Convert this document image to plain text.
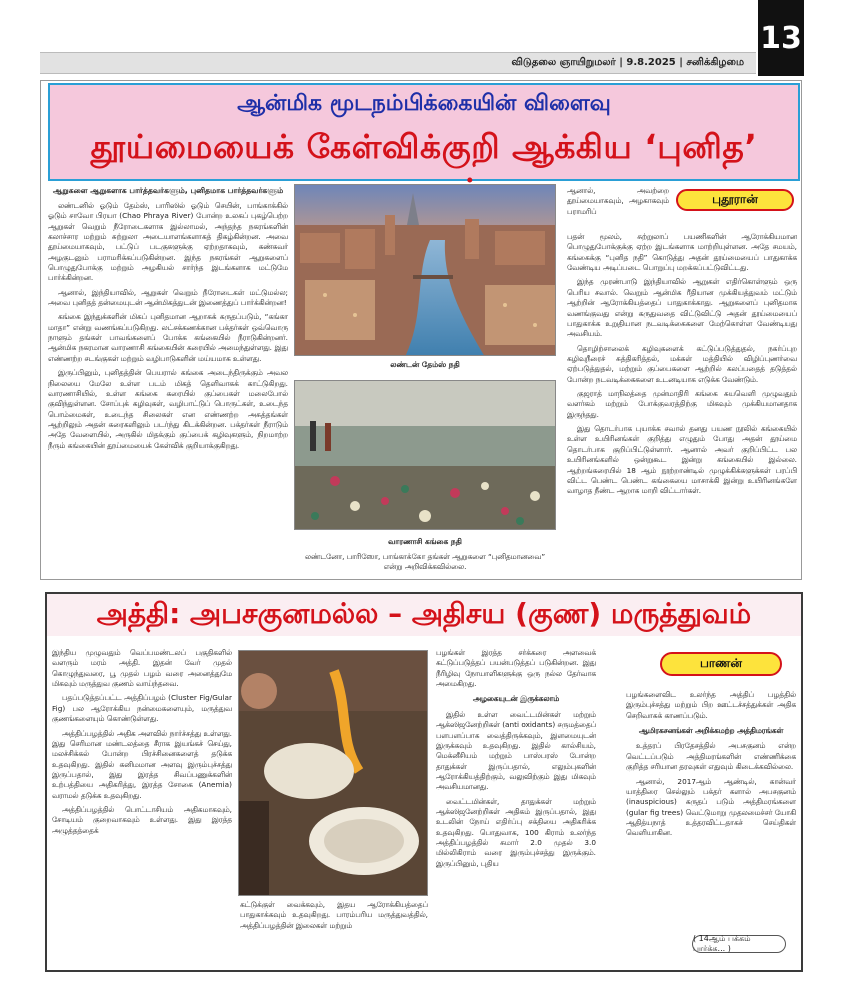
13
விடுதலை ஞாயிறுமலர் | 9.8.2025 | சனிக்கிழமை
ஆன்மிக மூடநம்பிக்கையின் விளைவு
தூய்மையைக் கேள்விக்குறி ஆக்கிய ‘புனித’

ஆறுகளை ஆறுகளாக பார்த்தவர்களும், புனிதமாக பார்த்தவர்களும்

லண்டனில் ஓடும் தேம்ஸ், பாரிஸில் ஓடும் செயின், பாங்காக்கில் ஓடும் சாவோ பிரயா (Chao Phraya River) போன்ற உலகப் புகழ்பெற்ற ஆறுகள் வெறும் நீரோடைகளாக இல்லாமல், அந்தந்த நகரங்களின் கலாச்சார மற்றும் சுற்றுலா அடையாளங்களாகத் திகழ்கின்றன. அவை தூய்மையாகவும், பட்டுப் படகுகளுக்கு ஏற்றதாகவும், கண்கவர் அழகுடனும் பராமரிக்கப்படுகின்றன. இந்த நகரங்கள் ஆறுகளைப் பொழுதுபோக்கு மற்றும் அழகியல் சார்ந்த இடங்களாக மட்டுமே பார்க்கின்றன.

ஆனால், இந்தியாவில், ஆறுகள் வெறும் நீரோடைகள் மட்டுமல்ல; அவை புனிதத் தன்மையுடன் ஆன்மிகத்துடன் இணைத்துப் பார்க்கின்றன!

கங்கை இந்துக்களின் மிகப் புனிதமான ஆறாகக் கருதப்படும், “கங்கா மாதா” என்று வணங்கப்படுகிறது. லட்சக்கணக்கான பக்தர்கள் ஒவ்வொரு நாளும் தங்கள் பாவங்களைப் போக்க கங்கையில் நீராடுகின்றனர். ஆன்மிக நகரமான வாரணாசி கங்கையின் கரையில் அமைந்துள்ளது. இது எண்ணற்ற சடங்குகள் மற்றும் வழிபாடுகளின் மய்யமாக உள்ளது.

இருப்பினும், புனிதத்தின் பெயரால் கங்கை அடைந்திருக்கும் அவல நிலையை மேலே உள்ள படம் மிகத் தெளிவாகக் காட்டுகிறது. வாரணாசியில், உள்ள கங்கை கரையில் குப்பைகள் மலைபோல் குவிந்துள்ளன. சோப்புக் கழிவுகள், வழிபாட்டுப் பொருட்கள், உடைந்த பொம்மைகள், உடைந்த சிலைகள் என எண்ணற்ற அசுத்தங்கள் ஆற்றிலும் அதன் கரைகளிலும் படர்ந்து கிடக்கின்றன. பக்தர்கள் நீராடும் அதே வேளையில், அருகில் மிதக்கும் குப்பைக் கழிவுகளும், நிறமாற்ற நீரும் கங்கையின் தூய்மையைக் கேள்விக் குறியாக்குகிறது.

லண்டன் தேம்ஸ் நதி
வாரணாசி கங்கை நதி

லண்டனோ, பாரிஸோ, பாங்காக்கோ தங்கள் ஆறுகளை “புனிதமானவை” என்று அறிவிக்கவில்லை.

புதூரான்

ஆனால், அவற்றை தூய்மையாகவும், அழகாகவும் பராமரிப்

பதன் மூலம், சுற்றுலாப் பயணிகளின் ஆரோக்கியமான பொழுதுபோக்குக்கு ஏற்ற இடங்களாக மாற்றியுள்ளன. அதே சமயம், கங்கைக்கு “புனித நதி” கொடுத்து அதன் தூய்மையைப் பாதுகாக்க வேண்டிய அடிப்படை பொறுப்பு மறக்கப்பட்டுவிட்டது.

இந்த முரண்பாடு இந்தியாவில் ஆறுகள் எதிர்கொள்ளும் ஒரு பெரிய சவால். வெறும் ஆன்மிக ரீதியான முக்கியத்துவம் மட்டும் ஆற்றின் ஆரோக்கியத்தைப் பாதுகாக்காது. ஆறுகளைப் புனிதமாக வணங்குவது என்று கருதுவதை விட்டுவிட்டு அதன் தூய்மையைப் பாதுகாக்க உறுதியான நடவடிக்கைகளை மேற்கொள்ள வேண்டியது அவசியம்.

தொழிற்சாலைக் கழிவுகளைக் கட்டுப்படுத்துதல், நகர்ப்புற கழிவுநீரைச் சுத்திகரித்தல், மக்கள் மத்தியில் விழிப்புணர்வை ஏற்படுத்துதல், மற்றும் குப்பைகளை ஆற்றில் கலப்பதைத் தடுத்தல் போன்ற நடவடிக்கைகளை உடனடியாக எடுக்க வேண்டும்.

குஜராத் மாநிலத்தை முன்மாதிரி கங்கை சுயவெளி முழுவதும் வளர்கம் மற்றும் போக்குவரத்திற்கு மிகவும் முக்கியமானதாக இருந்தது.

இது தொடர்பாக புயாக்க சவால் தனது பயண நூலில் கங்கையில் உள்ள உயிரினங்கள் குறித்து எழுதும் போது அதன் தூய்மை தொடர்பாக குறிப்பிட்டுள்ளார். ஆனால் அவர் குறிப்பிட்ட பல உயிரினங்களில் ஒன்றுகூட இன்று கங்கையில் இல்லை. ஆற்றங்கரையில் 18 ஆம் நூற்றாண்டில் முழுக்கிக்களுக்கள் பரப்பி விட்ட பெண்ட பெண்ட கங்கையை மாசாக்கி இன்று உயிரினங்களே வாழாத நீண்ட ஆறாக மாறி விட்டார்கள்.

அத்தி: அபசகுனமல்ல – அதிசய (குண) மருத்துவம்

இந்திய முழுவதும் வெப்பமண்டலப் பகுதிகளில் வளரும் மரம் அத்தி. இதன் வேர் முதல் கொழுந்துவரை, பூ முதல் பழம் வரை அனைத்துமே மிகவும் மருத்துவ குணம் வாய்ந்தவை.

பதப்படுத்தப்பட்ட அத்திப்பழம் (Cluster Fig/Gular Fig) பல ஆரோக்கிய நன்மைகளையும், மருத்துவ குணங்களையும் கொண்டுள்ளது.

அத்திப்பழத்தில் அதிக அளவில் நார்ச்சத்து உள்ளது. இது செரிமான மண்டலத்தை சீராக இயங்கச் செய்து, மலச்சிக்கல் போன்ற பிரச்சினைகளைத் தடுக்க உதவுகிறது. இதில் கனிமமான அளவு இரும்புச்சத்து இருப்பதால், இது இரத்த சிவப்பணுக்களின் உற்பத்தியை அதிகரித்து, இரத்த சோகை (Anemia) வராமல் தடுக்க உதவுகிறது.

அத்திப்பழத்தில் பொட்டாசியம் அதிகமாகவும், சோடியம் குறைவாகவும் உள்ளது. இது இரத்த அழுத்தத்தைக்

கட்டுக்குள் வைக்கவும், இதய ஆரோக்கியத்தைப் பாதுகாக்கவும் உதவுகிறது. பாரம்பரிய மருத்துவத்தில், அத்திப்பழத்தின் இலைகள் மற்றும்

பழங்கள் இரத்த சர்க்கரை அளவைக் கட்டுப்படுத்தப் பயன்படுத்தப் படுகின்றன. இது நீரிழிவு நோயாளிகளுக்கு ஒரு நல்ல தேர்வாக அமைகிறது.

அழகையுடன் இருக்கலாம்

இதில் உள்ள வைட்டமின்கள் மற்றும் ஆக்ஸிஜனேற்றிகள் (anti oxidants) சருமத்தைப் பளபளப்பாக வைத்திருக்கவும், இளமையுடன் இருக்கவும் உதவுகிறது. இதில் கால்சியம், மெக்னீசியம் மற்றும் பாஸ்பரஸ் போன்ற தாதுக்கள் இருப்பதால், எலும்புகளின் ஆரோக்கியத்திற்கும், வலுவிற்கும் இது மிகவும் அவசியமானது.

வைட்டமின்கள், தாதுக்கள் மற்றும் ஆக்ஸிஜனேற்றிகள் அதிகம் இருப்பதால், இது உடலின் நோய் எதிர்ப்பு சக்தியை அதிகரிக்க உதவுகிறது. பொதுவாக, 100 கிராம் உலர்ந்த அத்திப்பழத்தில் சுமார் 2.0 முதல் 3.0 மில்லிகிராம் வரை இரும்புச்சத்து இருக்கும். இருப்பினும், புதிய

பாணன்

பழங்களைவிட உலர்ந்த அத்திப் பழத்தில் இரும்புச்சத்து மற்றும் பிற ஊட்டச்சத்துக்கள் அதிக செறிவாகக் காணப்படும்.

ஆமிரகசனங்கள் அறிக்கமற்ற அத்திமரங்கள்

உத்தரப் பிரதேசத்தில் அபசகுனம் என்ற வெட்டப்படும் அத்திமரங்களின் எண்ணிக்கை குறித்த சரியான தரவுகள் எதுவும் கிடைக்கவில்லை.

ஆனால், 2017ஆம் ஆண்டில், கான்வர் யாத்திரை செல்லும் பக்தர் களால் அபசகுனம் (inauspicious) கருதப் படும் அத்திமரங்களை (gular fig trees) வெட்டுமாறு முதலமைச்சர் யோகி ஆதித்யநாத் உத்தரவிட்டதாகச் செய்திகள் வெளியாகின.

( 14ஆம் பக்கம் பார்க்க... )
